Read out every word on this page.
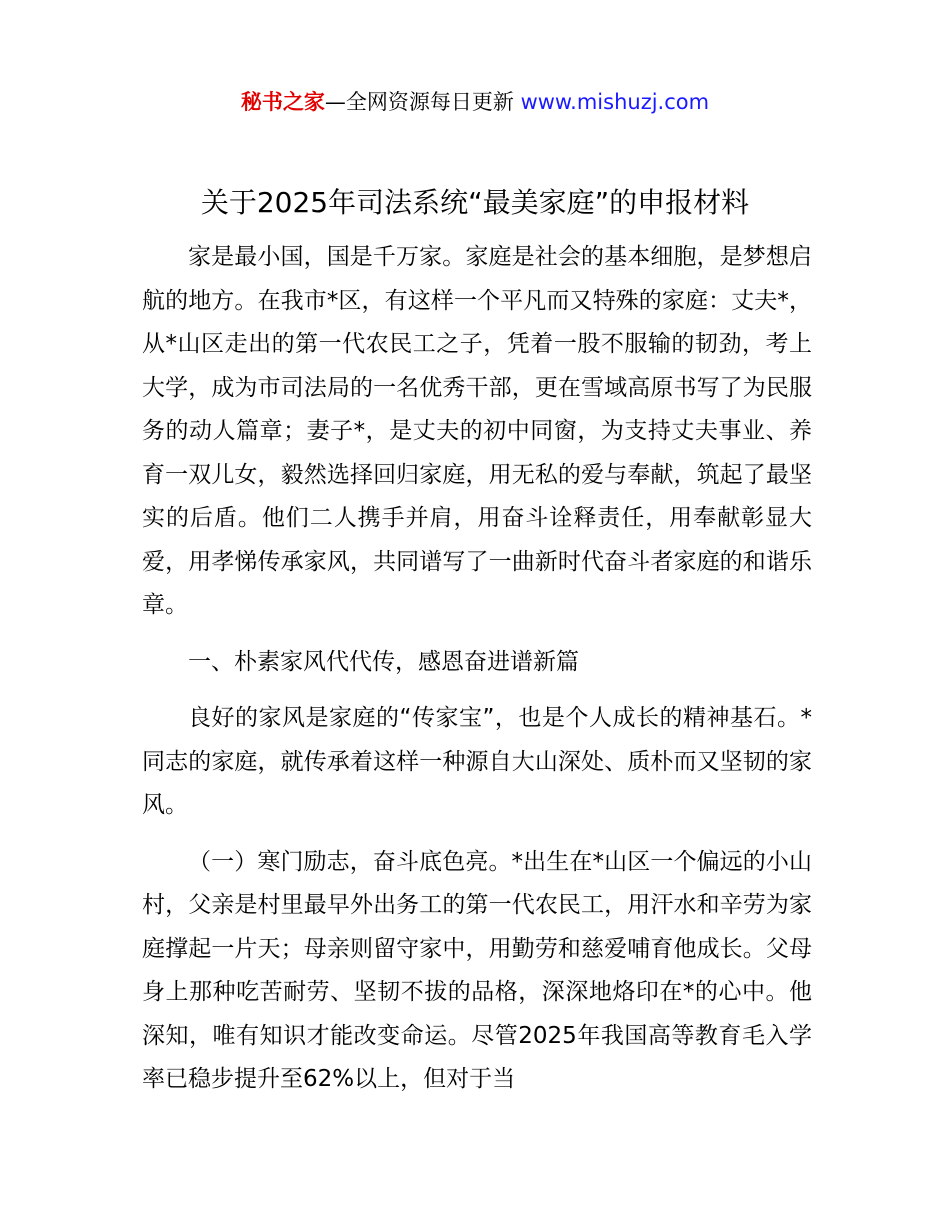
秘书之家—全网资源每日更新 www.mishuzj.com
关于2025年司法系统“最美家庭”的申报材料

家是最小国，国是千万家。家庭是社会的基本细胞，是梦想启航的地方。在我市*区，有这样一个平凡而又特殊的家庭：丈夫*，从*山区走出的第一代农民工之子，凭着一股不服输的韧劲，考上大学，成为市司法局的一名优秀干部，更在雪域高原书写了为民服务的动人篇章；妻子*，是丈夫的初中同窗，为支持丈夫事业、养育一双儿女，毅然选择回归家庭，用无私的爱与奉献，筑起了最坚实的后盾。他们二人携手并肩，用奋斗诠释责任，用奉献彰显大爱，用孝悌传承家风，共同谱写了一曲新时代奋斗者家庭的和谐乐章。

一、朴素家风代代传，感恩奋进谱新篇

良好的家风是家庭的“传家宝”，也是个人成长的精神基石。*同志的家庭，就传承着这样一种源自大山深处、质朴而又坚韧的家风。

（一）寒门励志，奋斗底色亮。*出生在*山区一个偏远的小山村，父亲是村里最早外出务工的第一代农民工，用汗水和辛劳为家庭撑起一片天；母亲则留守家中，用勤劳和慈爱哺育他成长。父母身上那种吃苦耐劳、坚韧不拔的品格，深深地烙印在*的心中。他深知，唯有知识才能改变命运。尽管2025年我国高等教育毛入学率已稳步提升至62%以上，但对于当
